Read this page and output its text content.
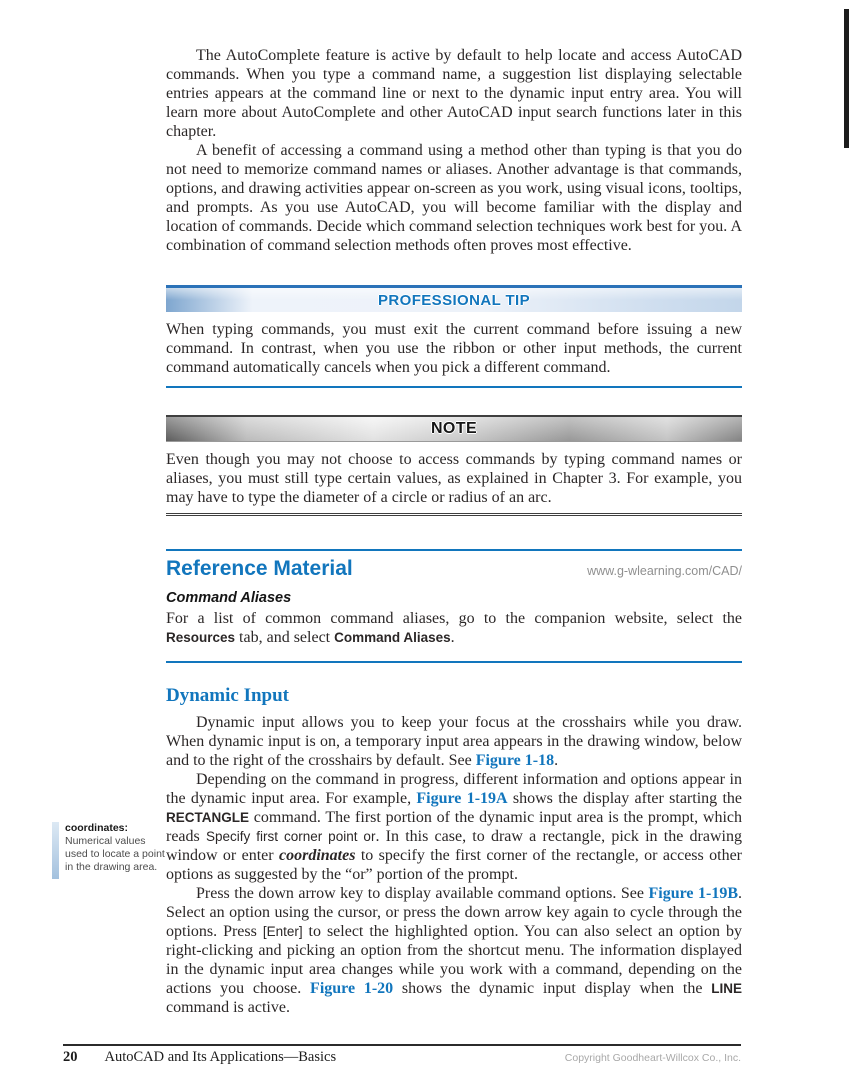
The AutoComplete feature is active by default to help locate and access AutoCAD commands. When you type a command name, a suggestion list displaying selectable entries appears at the command line or next to the dynamic input entry area. You will learn more about AutoComplete and other AutoCAD input search functions later in this chapter.

A benefit of accessing a command using a method other than typing is that you do not need to memorize command names or aliases. Another advantage is that commands, options, and drawing activities appear on-screen as you work, using visual icons, tooltips, and prompts. As you use AutoCAD, you will become familiar with the display and location of commands. Decide which command selection techniques work best for you. A combination of command selection methods often proves most effective.

PROFESSIONAL TIP

When typing commands, you must exit the current command before issuing a new command. In contrast, when you use the ribbon or other input methods, the current command automatically cancels when you pick a different command.

NOTE

Even though you may not choose to access commands by typing command names or aliases, you must still type certain values, as explained in Chapter 3. For example, you may have to type the diameter of a circle or radius of an arc.

Reference Material	www.g-wlearning.com/CAD/
Command Aliases

For a list of common command aliases, go to the companion website, select the Resources tab, and select Command Aliases.

Dynamic Input

Dynamic input allows you to keep your focus at the crosshairs while you draw. When dynamic input is on, a temporary input area appears in the drawing window, below and to the right of the crosshairs by default. See Figure 1-18.

Depending on the command in progress, different information and options appear in the dynamic input area. For example, Figure 1-19A shows the display after starting the RECTANGLE command. The first portion of the dynamic input area is the prompt, which reads Specify first corner point or. In this case, to draw a rectangle, pick in the drawing window or enter coordinates to specify the first corner of the rectangle, or access other options as suggested by the “or” portion of the prompt.

Press the down arrow key to display available command options. See Figure 1-19B. Select an option using the cursor, or press the down arrow key again to cycle through the options. Press [Enter] to select the highlighted option. You can also select an option by right-clicking and picking an option from the shortcut menu. The information displayed in the dynamic input area changes while you work with a command, depending on the actions you choose. Figure 1-20 shows the dynamic input display when the LINE command is active.

coordinates: Numerical values used to locate a point in the drawing area.
20 AutoCAD and Its Applications—Basics	Copyright Goodheart-Willcox Co., Inc.
